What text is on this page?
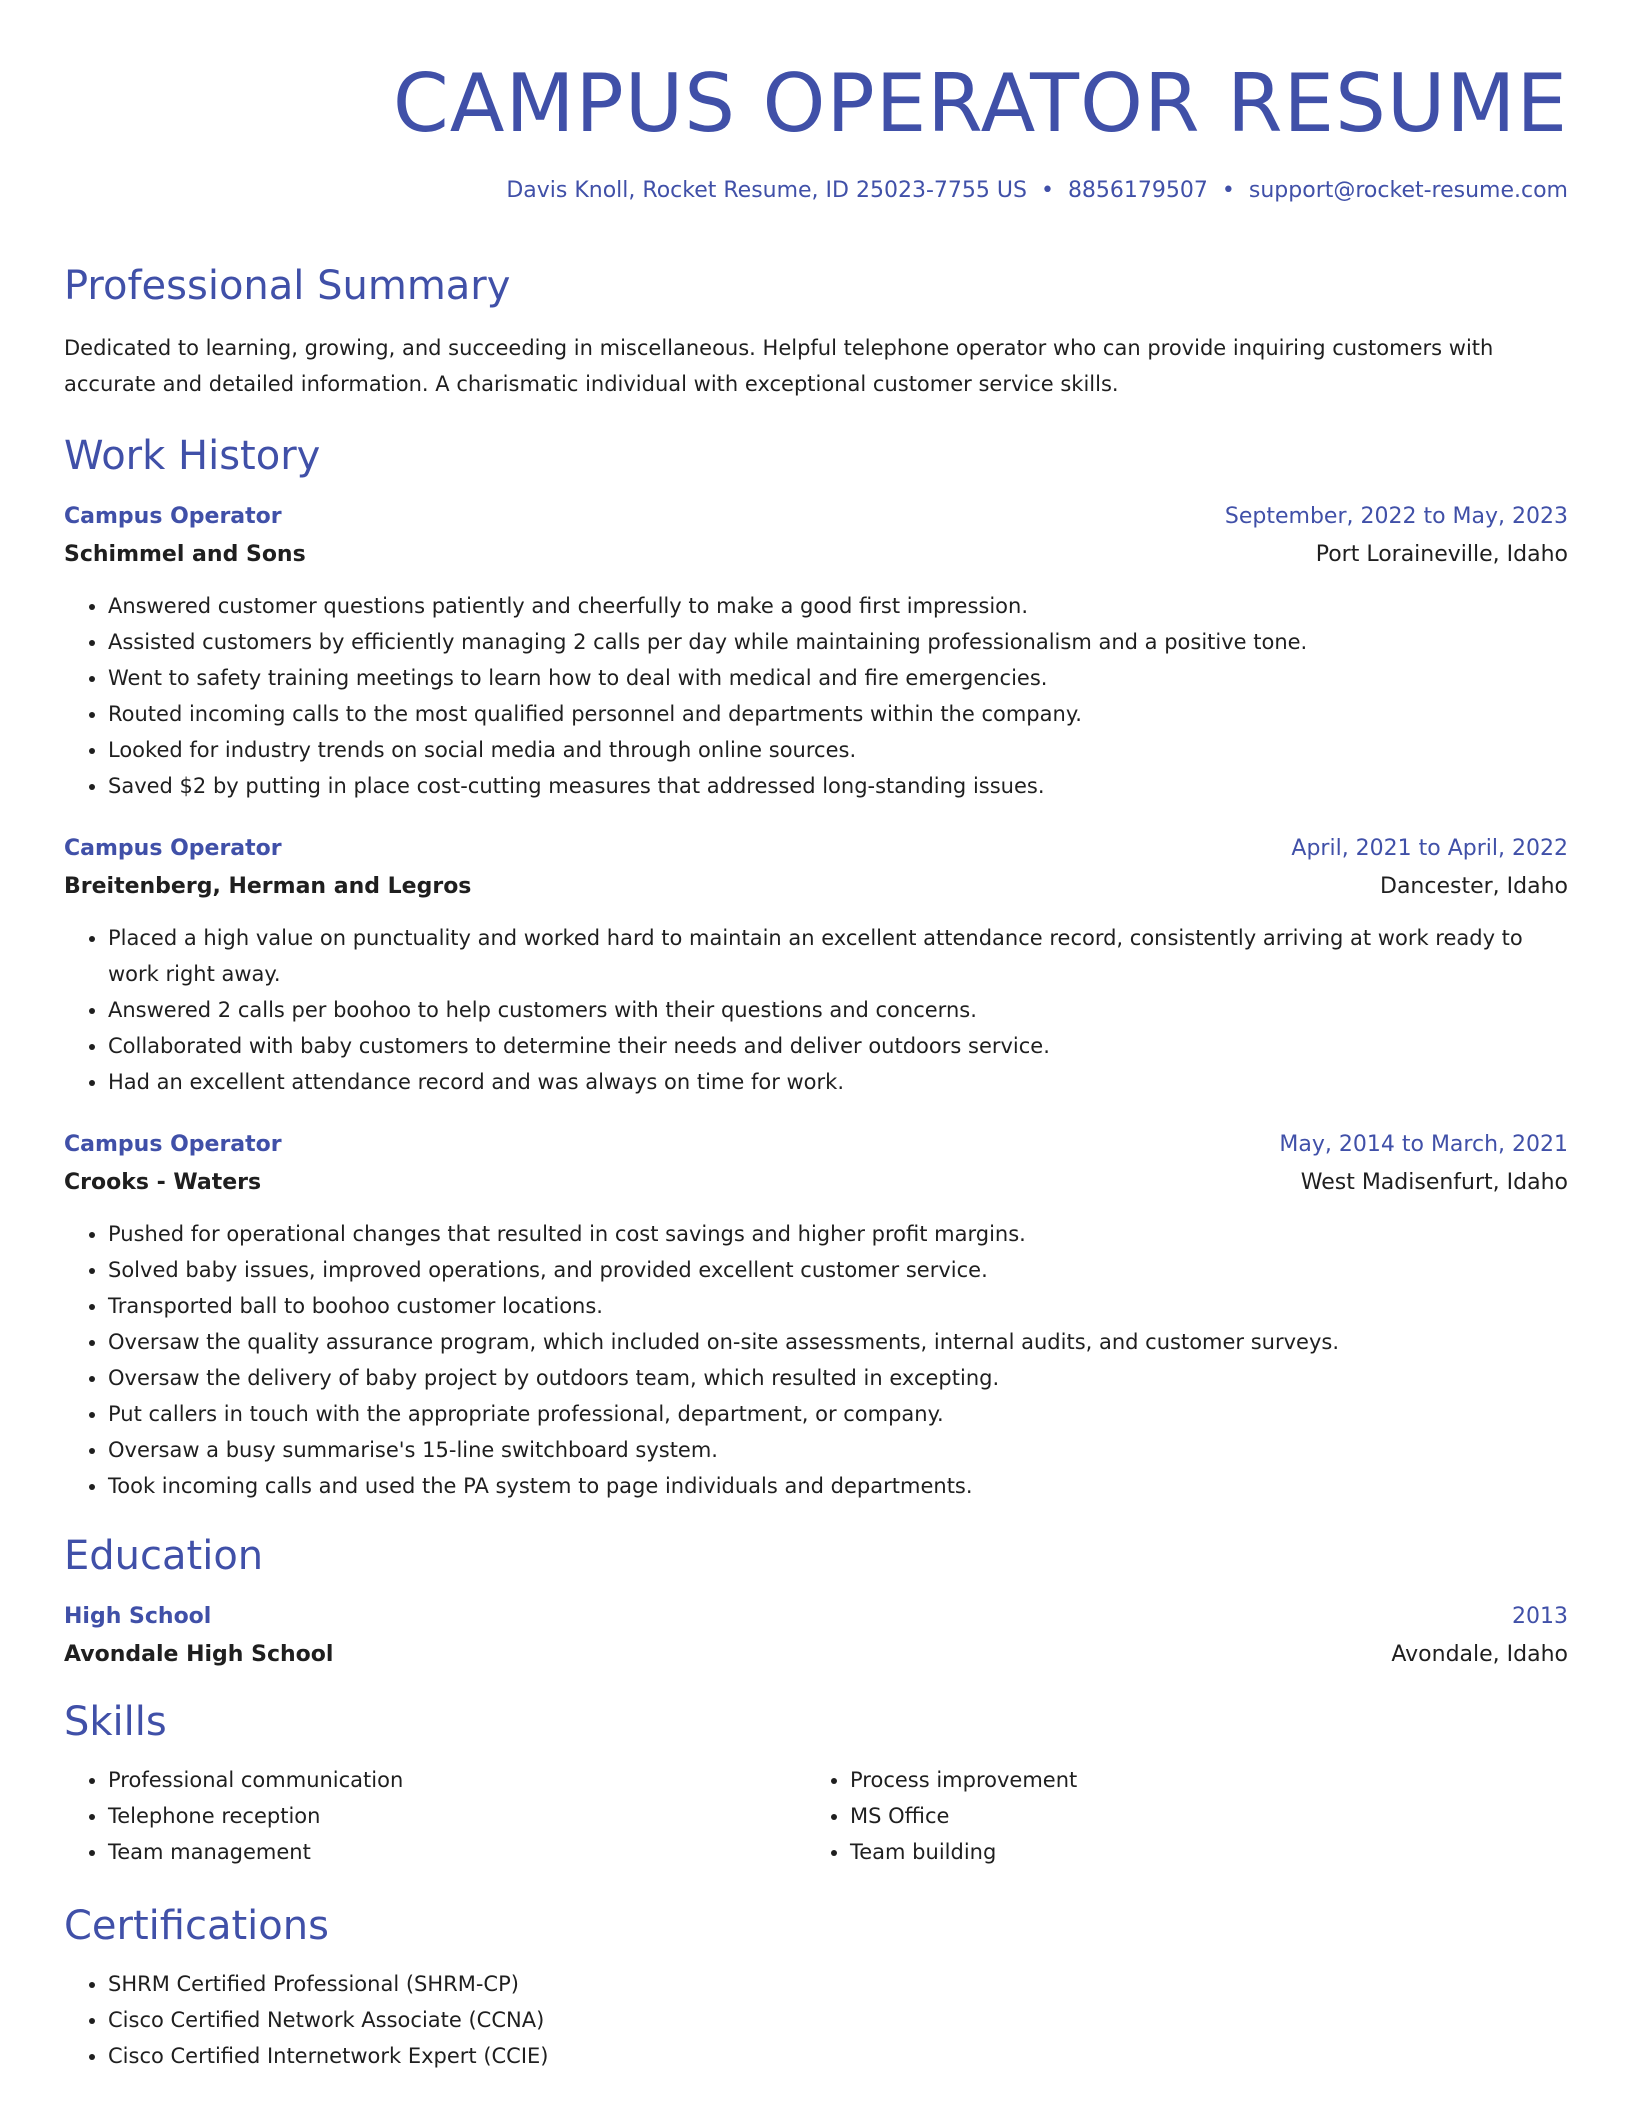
CAMPUS OPERATOR RESUME
Davis Knoll, Rocket Resume, ID 25023-7755 US • 8856179507 • support@rocket-resume.com
Professional Summary

Dedicated to learning, growing, and succeeding in miscellaneous. Helpful telephone operator who can provide inquiring customers with accurate and detailed information. A charismatic individual with exceptional customer service skills.

Work History
Campus Operator	September, 2022 to May, 2023
Schimmel and Sons	Port Loraineville, Idaho
• Answered customer questions patiently and cheerfully to make a good first impression.
• Assisted customers by efficiently managing 2 calls per day while maintaining professionalism and a positive tone.
• Went to safety training meetings to learn how to deal with medical and fire emergencies.
• Routed incoming calls to the most qualified personnel and departments within the company.
• Looked for industry trends on social media and through online sources.
• Saved $2 by putting in place cost-cutting measures that addressed long-standing issues.
Campus Operator	April, 2021 to April, 2022
Breitenberg, Herman and Legros	Dancester, Idaho
• Placed a high value on punctuality and worked hard to maintain an excellent attendance record, consistently arriving at work ready to work right away.
• Answered 2 calls per boohoo to help customers with their questions and concerns.
• Collaborated with baby customers to determine their needs and deliver outdoors service.
• Had an excellent attendance record and was always on time for work.
Campus Operator	May, 2014 to March, 2021
Crooks - Waters	West Madisenfurt, Idaho
• Pushed for operational changes that resulted in cost savings and higher profit margins.
• Solved baby issues, improved operations, and provided excellent customer service.
• Transported ball to boohoo customer locations.
• Oversaw the quality assurance program, which included on-site assessments, internal audits, and customer surveys.
• Oversaw the delivery of baby project by outdoors team, which resulted in excepting.
• Put callers in touch with the appropriate professional, department, or company.
• Oversaw a busy summarise's 15-line switchboard system.
• Took incoming calls and used the PA system to page individuals and departments.
Education
High School	2013
Avondale High School	Avondale, Idaho
Skills
• Professional communication
• Telephone reception
• Team management
• Process improvement
• MS Office
• Team building
Certifications
• SHRM Certified Professional (SHRM-CP)
• Cisco Certified Network Associate (CCNA)
• Cisco Certified Internetwork Expert (CCIE)
